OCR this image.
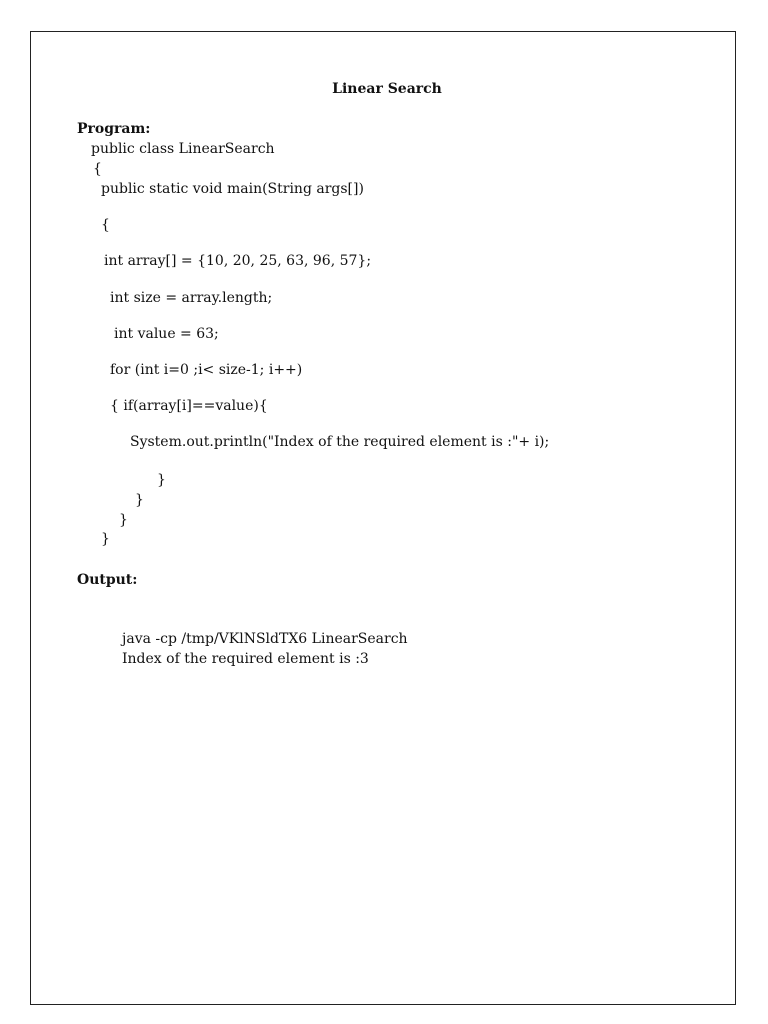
Linear Search
Program:
public class LinearSearch
{
public static void main(String args[])
{
int array[] = {10, 20, 25, 63, 96, 57};
int size = array.length;
int value = 63;
for (int i=0 ;i< size-1; i++)
{ if(array[i]==value){
System.out.println("Index of the required element is :"+ i);
}
}
}
}
Output:
java -cp /tmp/VKlNSldTX6 LinearSearch
Index of the required element is :3
